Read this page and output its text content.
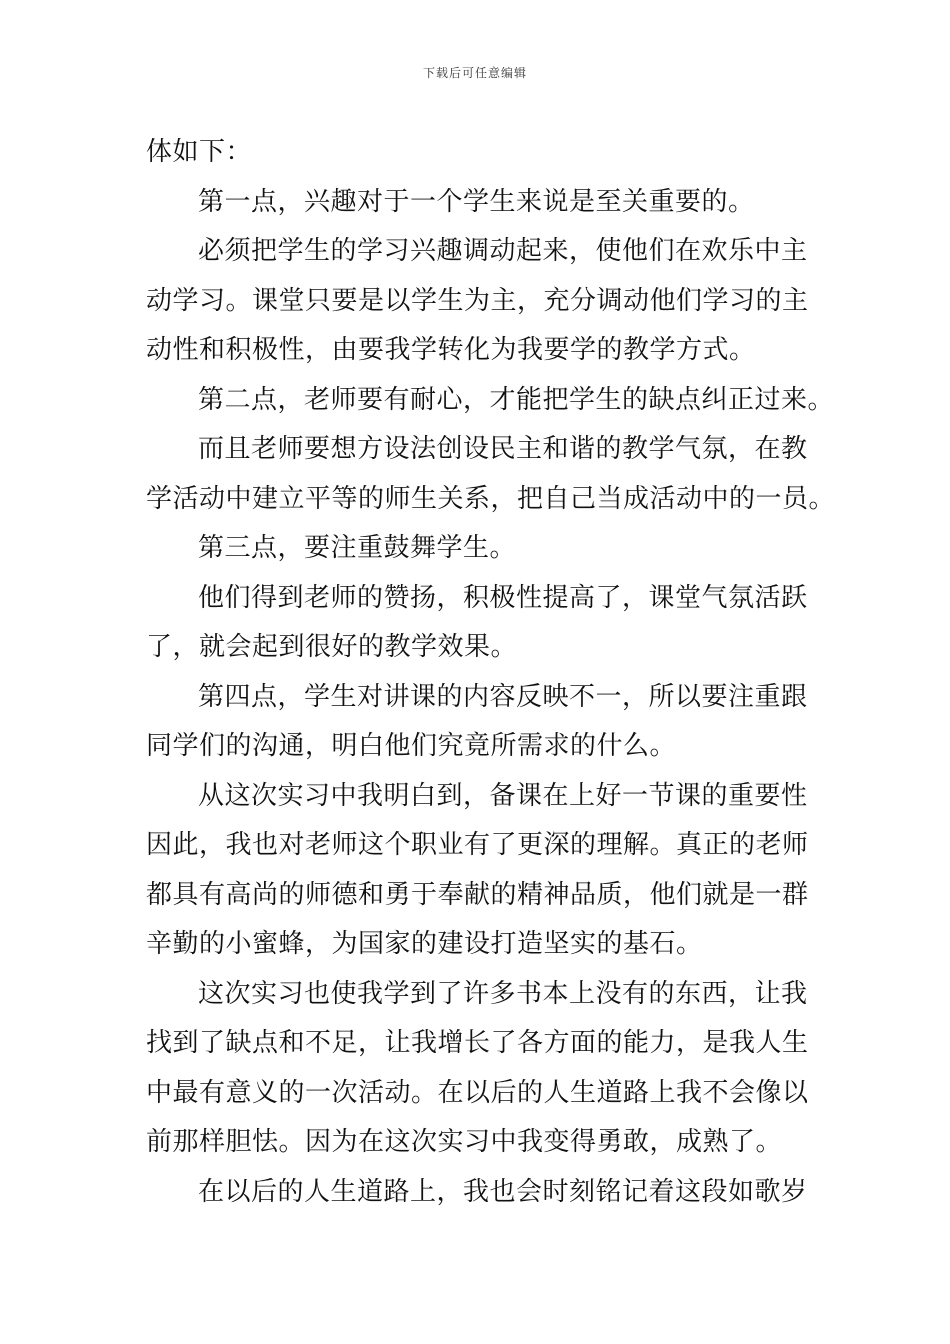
下载后可任意编辑
体如下：
第一点，兴趣对于一个学生来说是至关重要的。
必须把学生的学习兴趣调动起来，使他们在欢乐中主
动学习。课堂只要是以学生为主，充分调动他们学习的主
动性和积极性，由要我学转化为我要学的教学方式。
第二点，老师要有耐心，才能把学生的缺点纠正过来。
而且老师要想方设法创设民主和谐的教学气氛，在教
学活动中建立平等的师生关系，把自己当成活动中的一员。
第三点，要注重鼓舞学生。
他们得到老师的赞扬，积极性提高了，课堂气氛活跃
了，就会起到很好的教学效果。
第四点，学生对讲课的内容反映不一，所以要注重跟
同学们的沟通，明白他们究竟所需求的什么。
从这次实习中我明白到，备课在上好一节课的重要性
因此，我也对老师这个职业有了更深的理解。真正的老师
都具有高尚的师德和勇于奉献的精神品质，他们就是一群
辛勤的小蜜蜂，为国家的建设打造坚实的基石。
这次实习也使我学到了许多书本上没有的东西，让我
找到了缺点和不足，让我增长了各方面的能力，是我人生
中最有意义的一次活动。在以后的人生道路上我不会像以
前那样胆怯。因为在这次实习中我变得勇敢，成熟了。
在以后的人生道路上，我也会时刻铭记着这段如歌岁
